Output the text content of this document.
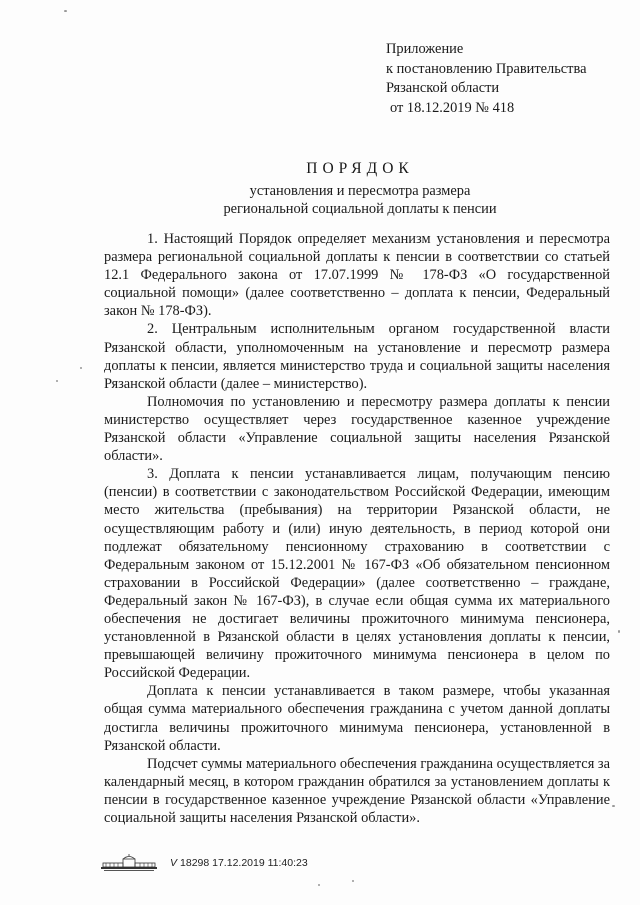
Приложение
к постановлению Правительства
Рязанской области
от 18.12.2019 № 418
ПОРЯДОК
установления и пересмотра размера
региональной социальной доплаты к пенсии

1. Настоящий Порядок определяет механизм установления и пересмотра размера региональной социальной доплаты к пенсии в соответствии со статьей 12.1 Федерального закона от 17.07.1999 № 178-ФЗ «О государственной социальной помощи» (далее соответственно – доплата к пенсии, Федеральный закон № 178-ФЗ).

2. Центральным исполнительным органом государственной власти Рязанской области, уполномоченным на установление и пересмотр размера доплаты к пенсии, является министерство труда и социальной защиты населения Рязанской области (далее – министерство).

Полномочия по установлению и пересмотру размера доплаты к пенсии министерство осуществляет через государственное казенное учреждение Рязанской области «Управление социальной защиты населения Рязанской области».

3. Доплата к пенсии устанавливается лицам, получающим пенсию (пенсии) в соответствии с законодательством Российской Федерации, имеющим место жительства (пребывания) на территории Рязанской области, не осуществляющим работу и (или) иную деятельность, в период которой они подлежат обязательному пенсионному страхованию в соответствии с Федеральным законом от 15.12.2001 № 167-ФЗ «Об обязательном пенсионном страховании в Российской Федерации» (далее соответственно – граждане, Федеральный закон № 167-ФЗ), в случае если общая сумма их материального обеспечения не достигает величины прожиточного минимума пенсионера, установленной в Рязанской области в целях установления доплаты к пенсии, превышающей величину прожиточного минимума пенсионера в целом по Российской Федерации.

Доплата к пенсии устанавливается в таком размере, чтобы указанная общая сумма материального обеспечения гражданина с учетом данной доплаты достигла величины прожиточного минимума пенсионера, установленной в Рязанской области.

Подсчет суммы материального обеспечения гражданина осуществляется за календарный месяц, в котором гражданин обратился за установлением доплаты к пенсии в государственное казенное учреждение Рязанской области «Управление социальной защиты населения Рязанской области».

V 18298 17.12.2019 11:40:23
